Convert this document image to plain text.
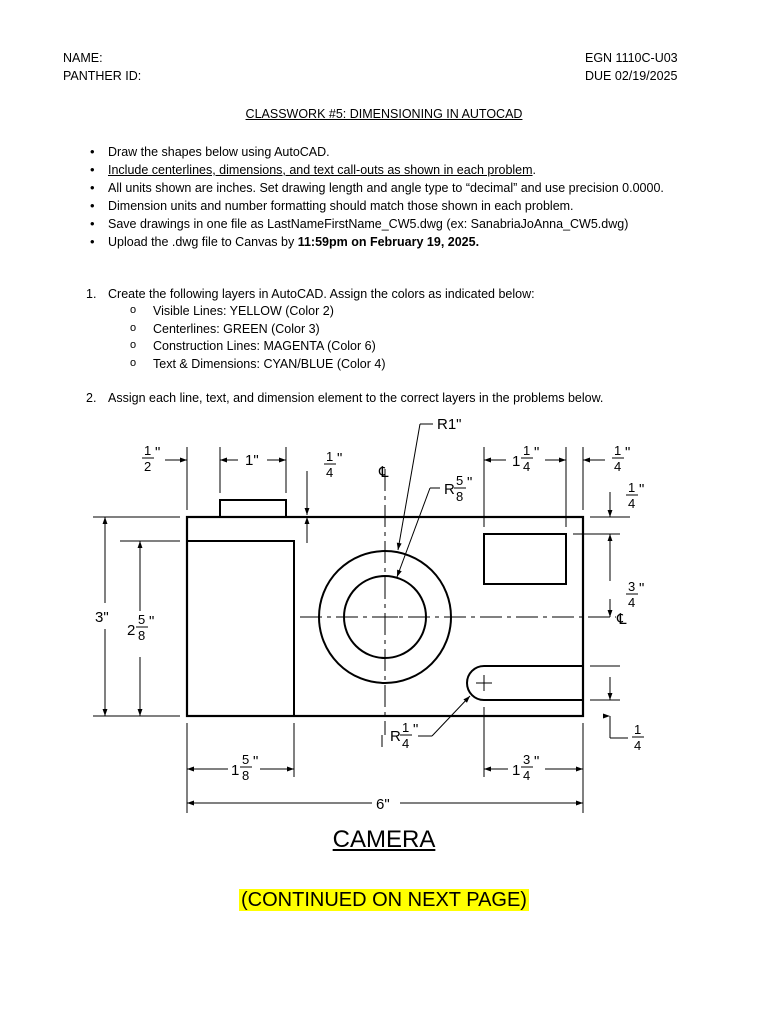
NAME:
PANTHER ID:
EGN 1110C-U03
DUE 02/19/2025
CLASSWORK #5: DIMENSIONING IN AUTOCAD
• Draw the shapes below using AutoCAD.
• Include centerlines, dimensions, and text call-outs as shown in each problem.
• All units shown are inches. Set drawing length and angle type to “decimal” and use precision 0.0000.
• Dimension units and number formatting should match those shown in each problem.
• Save drawings in one file as LastNameFirstName_CW5.dwg (ex: SanabriaJoAnna_CW5.dwg)
• Upload the .dwg file to Canvas by 11:59pm on February 19, 2025.
1. Create the following layers in AutoCAD. Assign the colors as indicated below:
o Visible Lines: YELLOW (Color 2)
o Centerlines: GREEN (Color 3)
o Construction Lines: MAGENTA (Color 6)
o Text & Dimensions: CYAN/BLUE (Color 4)
2. Assign each line, text, and dimension element to the correct layers in the problems below.
R1"
1
2
"	1"	1
4
"
℄
R
5
8
"
1
1
4
"	1
4
"
1
4
"
3
4
"
℄
3"
2
5
8
"
R
1
4
"	1
4
1
5
8
"
1
3
4
"
6"
CAMERA
(CONTINUED ON NEXT PAGE)
